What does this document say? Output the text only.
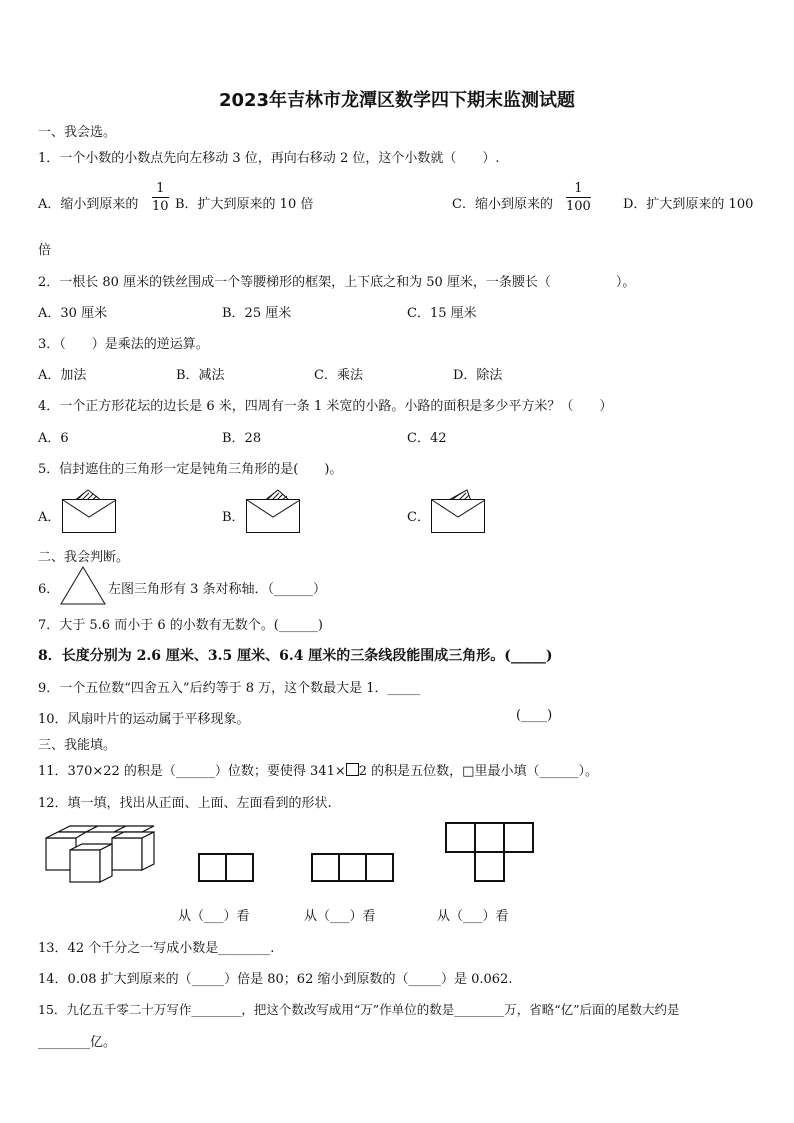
2023年吉林市龙潭区数学四下期末监测试题
一、我会选。
1．一个小数的小数点先向左移动 3 位，再向右移动 2 位，这个小数就（　　）.
A．缩小到原来的 $\frac{1}{10}$ B．扩大到原来的 10 倍	C．缩小到原来的 $\frac{1}{100}$ D．扩大到原来的 100
倍
2．一根长 80 厘米的铁丝围成一个等腰梯形的框架，上下底之和为 50 厘米，一条腰长（　　　　　）。
A．30 厘米	B．25 厘米	C．15 厘米
3．（　　）是乘法的逆运算。
A．加法	B．减法	C．乘法	D．除法
4．一个正方形花坛的边长是 6 米，四周有一条 1 米宽的小路。小路的面积是多少平方米？（　　）
A．6	B．28	C．42
5．信封遮住的三角形一定是钝角三角形的是(　　)。
A．	B．	C．
二、我会判断。
6．	左图三角形有 3 条对称轴．（______）
7．大于 5.6 而小于 6 的小数有无数个。(______)
8．长度分别为 2.6 厘米、3.5 厘米、6.4 厘米的三条线段能围成三角形。(_____)
9．一个五位数“四舍五入”后约等于 8 万，这个数最大是 1．_____
10．风扇叶片的运动属于平移现象。	(____)
三、我能填。
11．370×22 的积是（______）位数；要使得 341× 2 的积是五位数，□里最小填（______）。
12．填一填，找出从正面、上面、左面看到的形状.
从（___）看	从（___）看	从（___）看
13．42 个千分之一写成小数是________.
14．0.08 扩大到原来的（_____）倍是 80；62 缩小到原数的（_____）是 0.062.
15．九亿五千零二十万写作________，把这个数改写成用“万”作单位的数是________万，省略“亿”后面的尾数大约是
________亿。
